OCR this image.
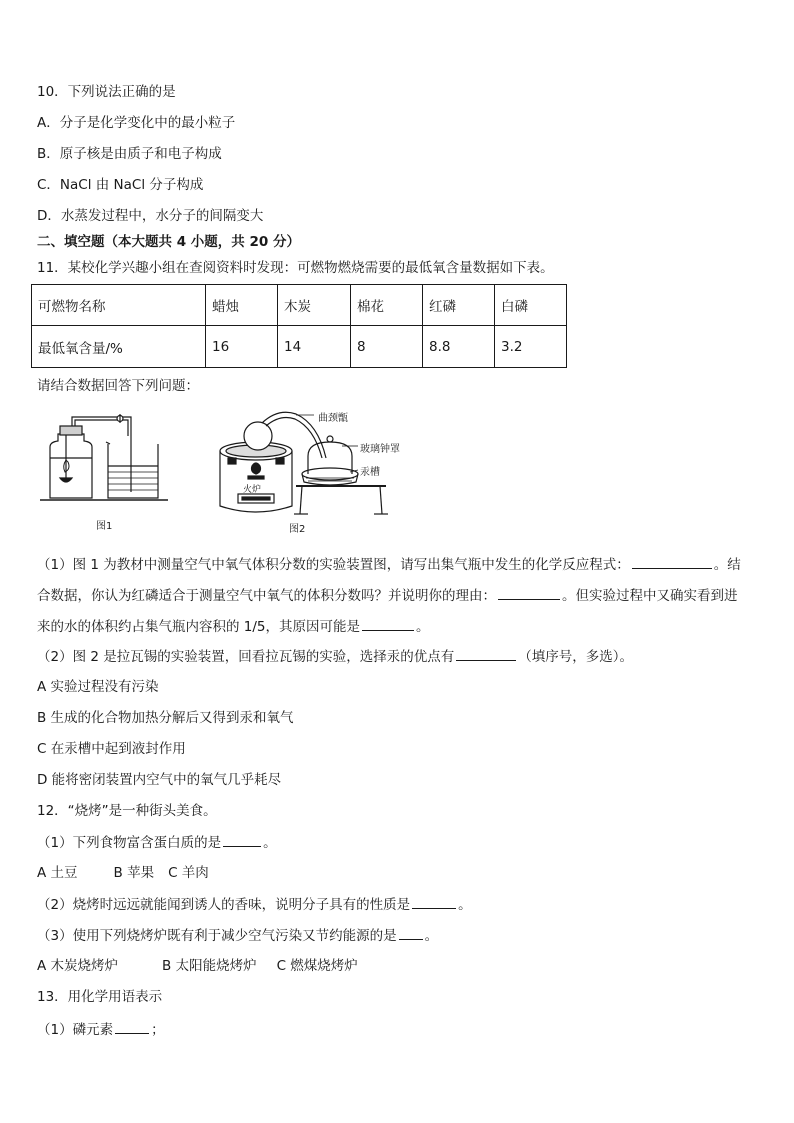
10．下列说法正确的是
A．分子是化学变化中的最小粒子
B．原子核是由质子和电子构成
C．NaCl 由 NaCl 分子构成
D．水蒸发过程中，水分子的间隔变大
二、填空题（本大题共 4 小题，共 20 分）
11．某校化学兴趣小组在查阅资料时发现：可燃物燃烧需要的最低氧含量数据如下表。
可燃物名称	蜡烛	木炭	棉花	红磷	白磷
最低氧含量/%	16	14	8	8.8	3.2
请结合数据回答下列问题：
图1
曲颈甑
玻璃钟罩
汞槽
火炉
图2
（1）图 1 为教材中测量空气中氧气体积分数的实验装置图，请写出集气瓶中发生的化学反应程式：	。结
合数据，你认为红磷适合于测量空气中氧气的体积分数吗？并说明你的理由：	。但实验过程中又确实看到进
来的水的体积约占集气瓶内容积的 1/5，其原因可能是	。
（2）图 2 是拉瓦锡的实验装置，回看拉瓦锡的实验，选择汞的优点有	（填序号，多选）。
A 实验过程没有污染
B 生成的化合物加热分解后又得到汞和氧气
C 在汞槽中起到液封作用
D 能将密闭装置内空气中的氧气几乎耗尽
12．“烧烤”是一种街头美食。
（1）下列食物富含蛋白质的是	。
A 土豆	B 苹果 C 羊肉
（2）烧烤时远远就能闻到诱人的香味，说明分子具有的性质是	。
（3）使用下列烧烤炉既有利于减少空气污染又节约能源的是 。
A 木炭烧烤炉	B 太阳能烧烤炉 C 燃煤烧烤炉
13．用化学用语表示
（1）磷元素	；
